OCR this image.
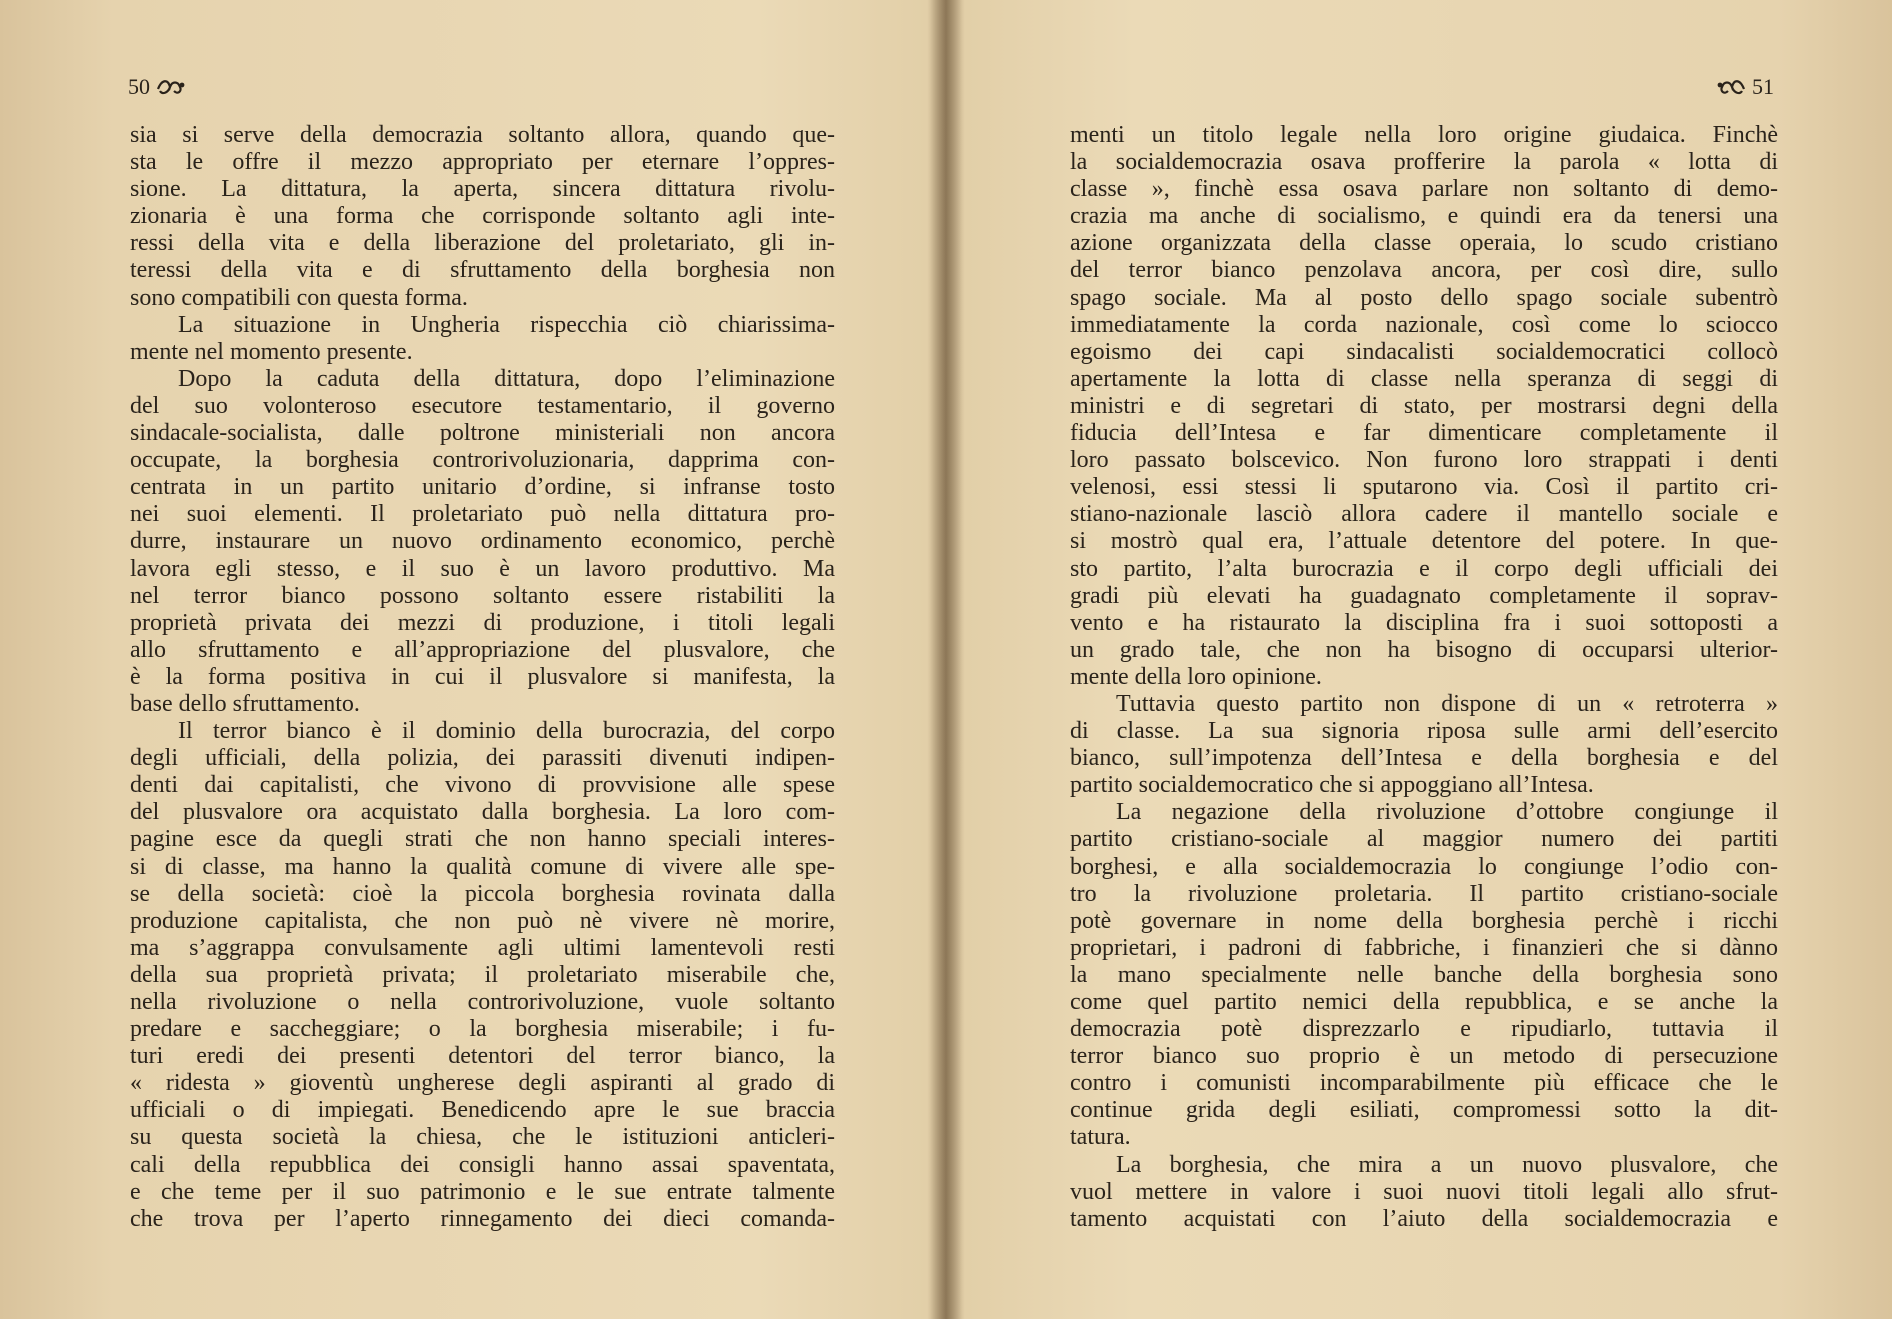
50
sia si serve della democrazia soltanto allora, quando que-
sta le offre il mezzo appropriato per eternare l’oppres-
sione. La dittatura, la aperta, sincera dittatura rivolu-
zionaria è una forma che corrisponde soltanto agli inte-
ressi della vita e della liberazione del proletariato, gli in-
teressi della vita e di sfruttamento della borghesia non
sono compatibili con questa forma.
La situazione in Ungheria rispecchia ciò chiarissima-
mente nel momento presente.
Dopo la caduta della dittatura, dopo l’eliminazione
del suo volonteroso esecutore testamentario, il governo
sindacale-socialista, dalle poltrone ministeriali non ancora
occupate, la borghesia controrivoluzionaria, dapprima con-
centrata in un partito unitario d’ordine, si infranse tosto
nei suoi elementi. Il proletariato può nella dittatura pro-
durre, instaurare un nuovo ordinamento economico, perchè
lavora egli stesso, e il suo è un lavoro produttivo. Ma
nel terror bianco possono soltanto essere ristabiliti la
proprietà privata dei mezzi di produzione, i titoli legali
allo sfruttamento e all’appropriazione del plusvalore, che
è la forma positiva in cui il plusvalore si manifesta, la
base dello sfruttamento.
Il terror bianco è il dominio della burocrazia, del corpo
degli ufficiali, della polizia, dei parassiti divenuti indipen-
denti dai capitalisti, che vivono di provvisione alle spese
del plusvalore ora acquistato dalla borghesia. La loro com-
pagine esce da quegli strati che non hanno speciali interes-
si di classe, ma hanno la qualità comune di vivere alle spe-
se della società: cioè la piccola borghesia rovinata dalla
produzione capitalista, che non può nè vivere nè morire,
ma s’aggrappa convulsamente agli ultimi lamentevoli resti
della sua proprietà privata; il proletariato miserabile che,
nella rivoluzione o nella controrivoluzione, vuole soltanto
predare e saccheggiare; o la borghesia miserabile; i fu-
turi eredi dei presenti detentori del terror bianco, la
« ridesta » gioventù ungherese degli aspiranti al grado di
ufficiali o di impiegati. Benedicendo apre le sue braccia
su questa società la chiesa, che le istituzioni anticleri-
cali della repubblica dei consigli hanno assai spaventata,
e che teme per il suo patrimonio e le sue entrate talmente
che trova per l’aperto rinnegamento dei dieci comanda-
51
menti un titolo legale nella loro origine giudaica. Finchè
la socialdemocrazia osava profferire la parola « lotta di
classe », finchè essa osava parlare non soltanto di demo-
crazia ma anche di socialismo, e quindi era da tenersi una
azione organizzata della classe operaia, lo scudo cristiano
del terror bianco penzolava ancora, per così dire, sullo
spago sociale. Ma al posto dello spago sociale subentrò
immediatamente la corda nazionale, così come lo sciocco
egoismo dei capi sindacalisti socialdemocratici collocò
apertamente la lotta di classe nella speranza di seggi di
ministri e di segretari di stato, per mostrarsi degni della
fiducia dell’Intesa e far dimenticare completamente il
loro passato bolscevico. Non furono loro strappati i denti
velenosi, essi stessi li sputarono via. Così il partito cri-
stiano-nazionale lasciò allora cadere il mantello sociale e
si mostrò qual era, l’attuale detentore del potere. In que-
sto partito, l’alta burocrazia e il corpo degli ufficiali dei
gradi più elevati ha guadagnato completamente il soprav-
vento e ha ristaurato la disciplina fra i suoi sottoposti a
un grado tale, che non ha bisogno di occuparsi ulterior-
mente della loro opinione.
Tuttavia questo partito non dispone di un « retroterra »
di classe. La sua signoria riposa sulle armi dell’esercito
bianco, sull’impotenza dell’Intesa e della borghesia e del
partito socialdemocratico che si appoggiano all’Intesa.
La negazione della rivoluzione d’ottobre congiunge il
partito cristiano-sociale al maggior numero dei partiti
borghesi, e alla socialdemocrazia lo congiunge l’odio con-
tro la rivoluzione proletaria. Il partito cristiano-sociale
potè governare in nome della borghesia perchè i ricchi
proprietari, i padroni di fabbriche, i finanzieri che si dànno
la mano specialmente nelle banche della borghesia sono
come quel partito nemici della repubblica, e se anche la
democrazia potè disprezzarlo e ripudiarlo, tuttavia il
terror bianco suo proprio è un metodo di persecuzione
contro i comunisti incomparabilmente più efficace che le
continue grida degli esiliati, compromessi sotto la dit-
tatura.
La borghesia, che mira a un nuovo plusvalore, che
vuol mettere in valore i suoi nuovi titoli legali allo sfrut-
tamento acquistati con l’aiuto della socialdemocrazia e
